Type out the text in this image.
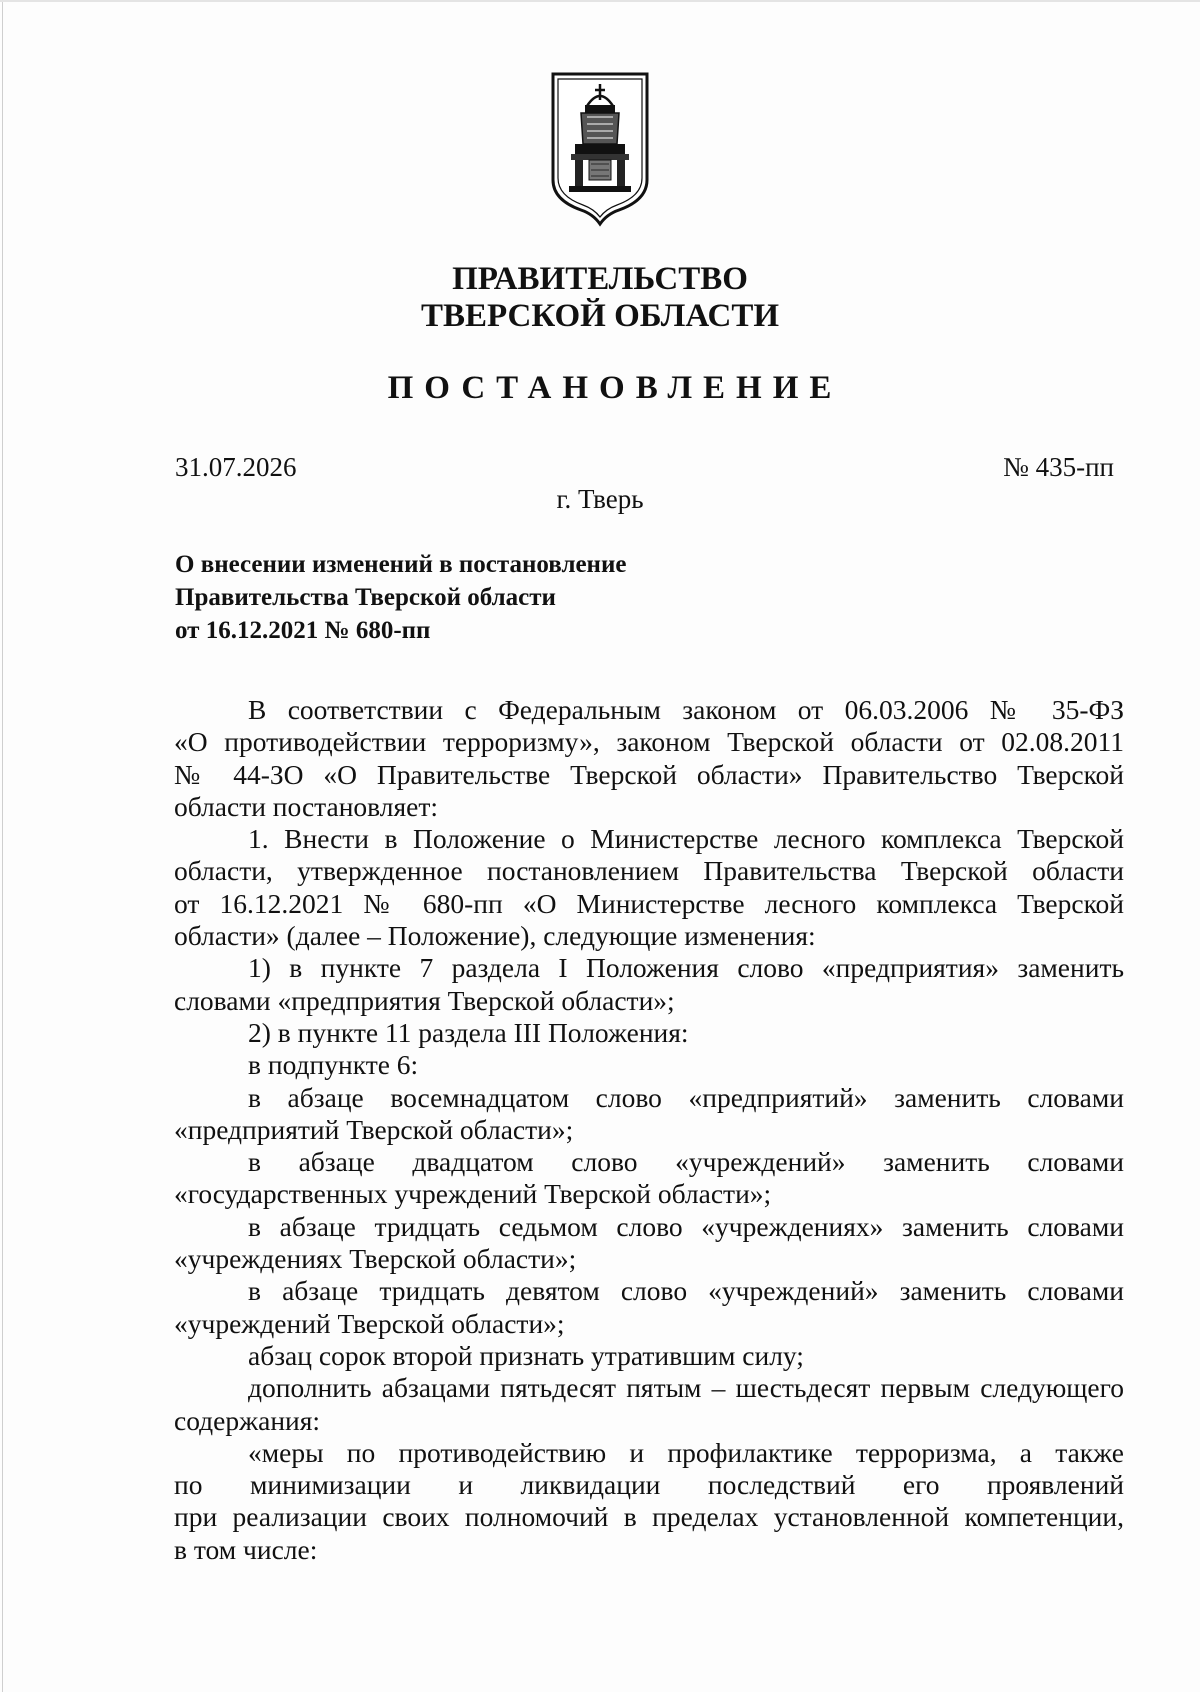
ПРАВИТЕЛЬСТВО
ТВЕРСКОЙ ОБЛАСТИ
ПОСТАНОВЛЕНИЕ
31.07.2026	№ 435-пп
г. Тверь
О внесении изменений в постановление
Правительства Тверской области
от 16.12.2021 № 680-пп
В соответствии с Федеральным законом от 06.03.2006 № 35-ФЗ
«О противодействии терроризму», законом Тверской области от 02.08.2011
№ 44-ЗО «О Правительстве Тверской области» Правительство Тверской
области постановляет:
1. Внести в Положение о Министерстве лесного комплекса Тверской
области, утвержденное постановлением Правительства Тверской области
от 16.12.2021 № 680-пп «О Министерстве лесного комплекса Тверской
области» (далее – Положение), следующие изменения:
1) в пункте 7 раздела I Положения слово «предприятия» заменить
словами «предприятия Тверской области»;
2) в пункте 11 раздела III Положения:
в подпункте 6:
в абзаце восемнадцатом слово «предприятий» заменить словами
«предприятий Тверской области»;
в абзаце двадцатом слово «учреждений» заменить словами
«государственных учреждений Тверской области»;
в абзаце тридцать седьмом слово «учреждениях» заменить словами
«учреждениях Тверской области»;
в абзаце тридцать девятом слово «учреждений» заменить словами
«учреждений Тверской области»;
абзац сорок второй признать утратившим силу;
дополнить абзацами пятьдесят пятым – шестьдесят первым следующего
содержания:
«меры по противодействию и профилактике терроризма, а также
по минимизации и ликвидации последствий его проявлений
при реализации своих полномочий в пределах установленной компетенции,
в том числе:
